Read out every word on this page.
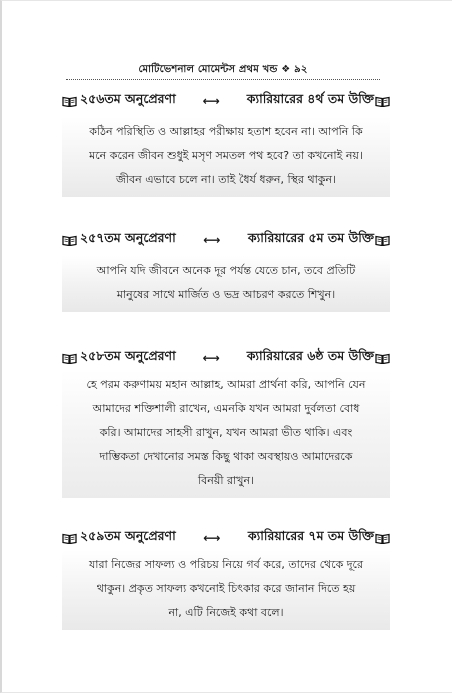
মোটিভেশনাল মোমেন্টস প্রথম খন্ড ❖ ৯২
২৫৬তম অনুপ্রেরণা ⟷ ক্যারিয়ারের ৪র্থ তম উক্তি
কঠিন পরিস্থিতি ও আল্লাহর পরীক্ষায় হতাশ হবেন না। আপনি কি
মনে করেন জীবন শুধুই মসৃণ সমতল পথ হবে? তা কখনোই নয়।
জীবন এভাবে চলে না। তাই ধৈর্য ধরুন, স্থির থাকুন।
২৫৭তম অনুপ্রেরণা ⟷ ক্যারিয়ারের ৫ম তম উক্তি
আপনি যদি জীবনে অনেক দূর পর্যন্ত যেতে চান, তবে প্রতিটি
মানুষের সাথে মার্জিত ও ভদ্র আচরণ করতে শিখুন।
২৫৮তম অনুপ্রেরণা ⟷ ক্যারিয়ারের ৬ষ্ঠ তম উক্তি
হে পরম করুণাময় মহান আল্লাহ, আমরা প্রার্থনা করি, আপনি যেন
আমাদের শক্তিশালী রাখেন, এমনকি যখন আমরা দুর্বলতা বোধ
করি। আমাদের সাহসী রাখুন, যখন আমরা ভীত থাকি। এবং
দাম্ভিকতা দেখানোর সমস্ত কিছু থাকা অবস্থায়ও আমাদেরকে
বিনয়ী রাখুন।
২৫৯তম অনুপ্রেরণা ⟷ ক্যারিয়ারের ৭ম তম উক্তি
যারা নিজের সাফল্য ও পরিচয় নিয়ে গর্ব করে, তাদের থেকে দূরে
থাকুন। প্রকৃত সাফল্য কখনোই চিৎকার করে জানান দিতে হয়
না, এটি নিজেই কথা বলে।
